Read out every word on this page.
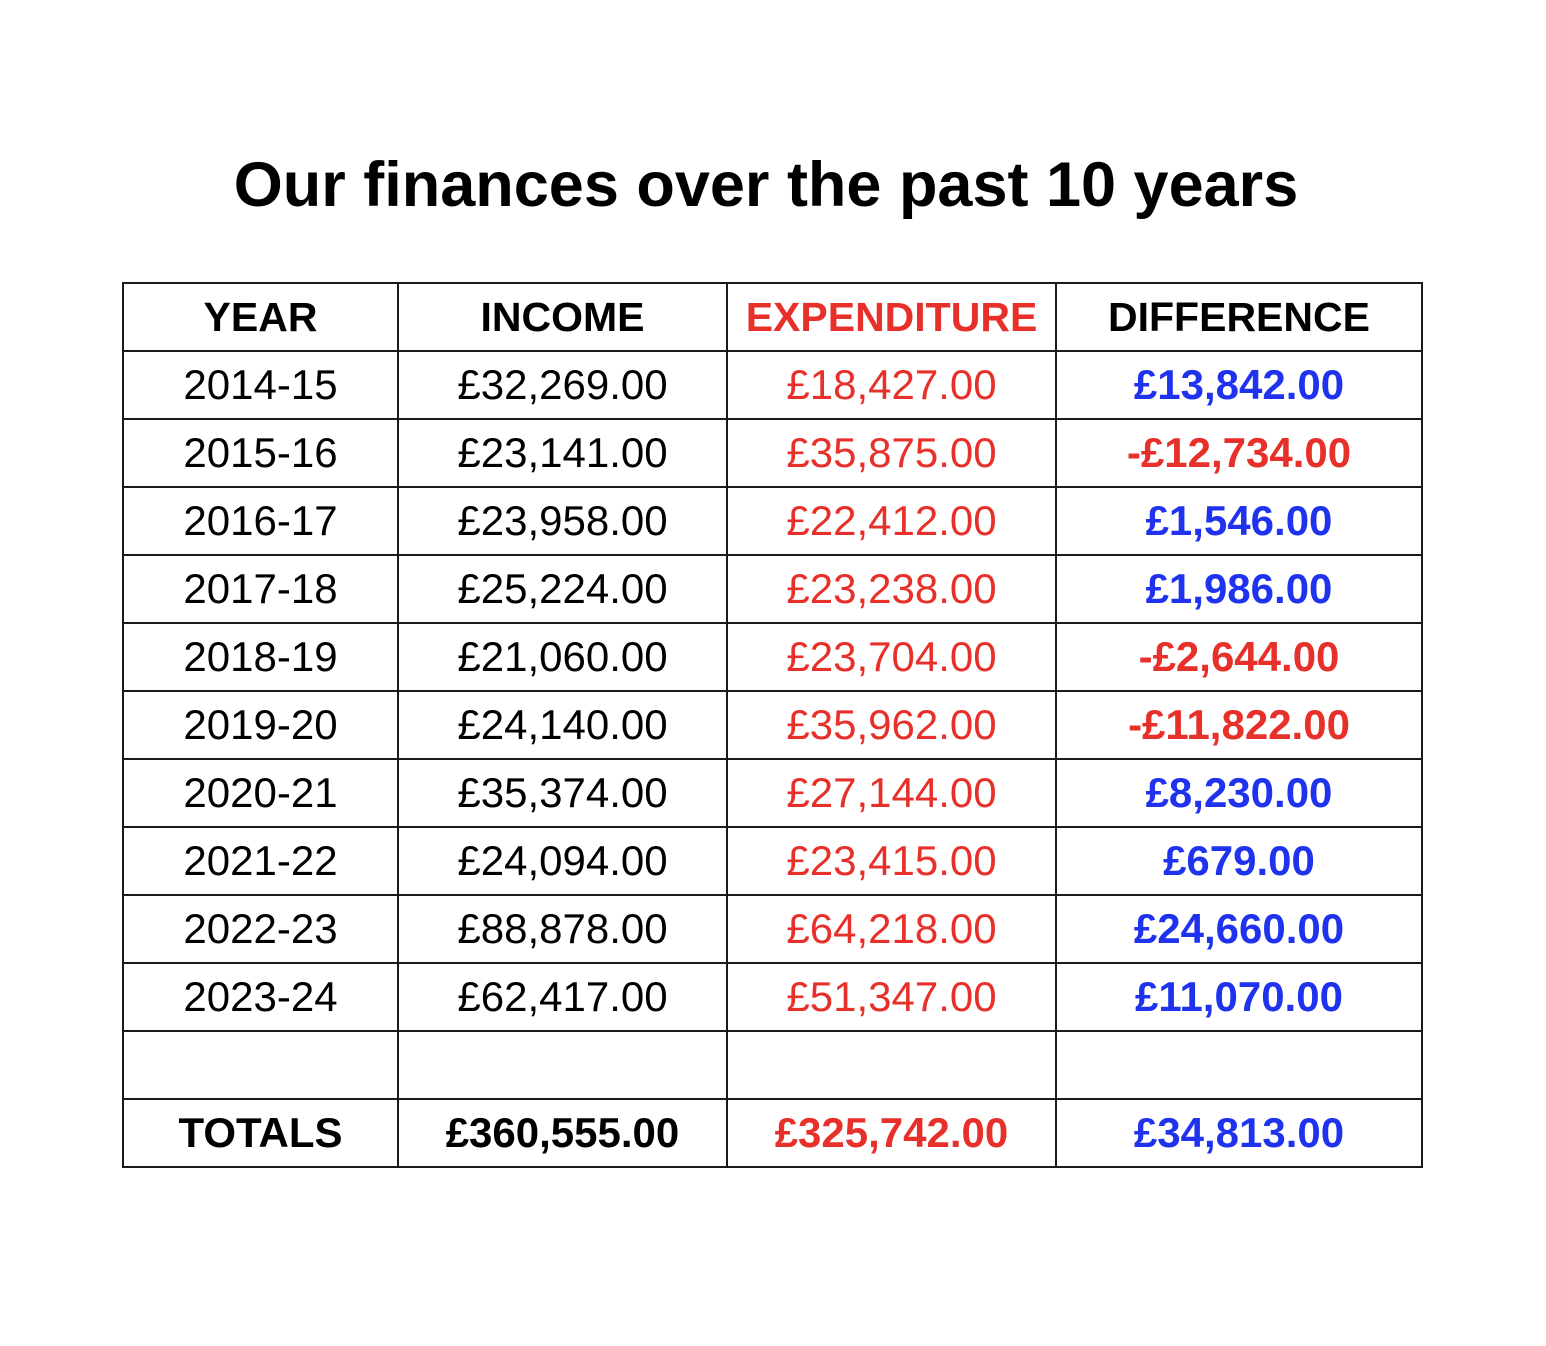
Our finances over the past 10 years
YEAR	INCOME	EXPENDITURE	DIFFERENCE
2014-15	£32,269.00	£18,427.00	£13,842.00
2015-16	£23,141.00	£35,875.00	-£12,734.00
2016-17	£23,958.00	£22,412.00	£1,546.00
2017-18	£25,224.00	£23,238.00	£1,986.00
2018-19	£21,060.00	£23,704.00	-£2,644.00
2019-20	£24,140.00	£35,962.00	-£11,822.00
2020-21	£35,374.00	£27,144.00	£8,230.00
2021-22	£24,094.00	£23,415.00	£679.00
2022-23	£88,878.00	£64,218.00	£24,660.00
2023-24	£62,417.00	£51,347.00	£11,070.00

TOTALS	£360,555.00	£325,742.00	£34,813.00
